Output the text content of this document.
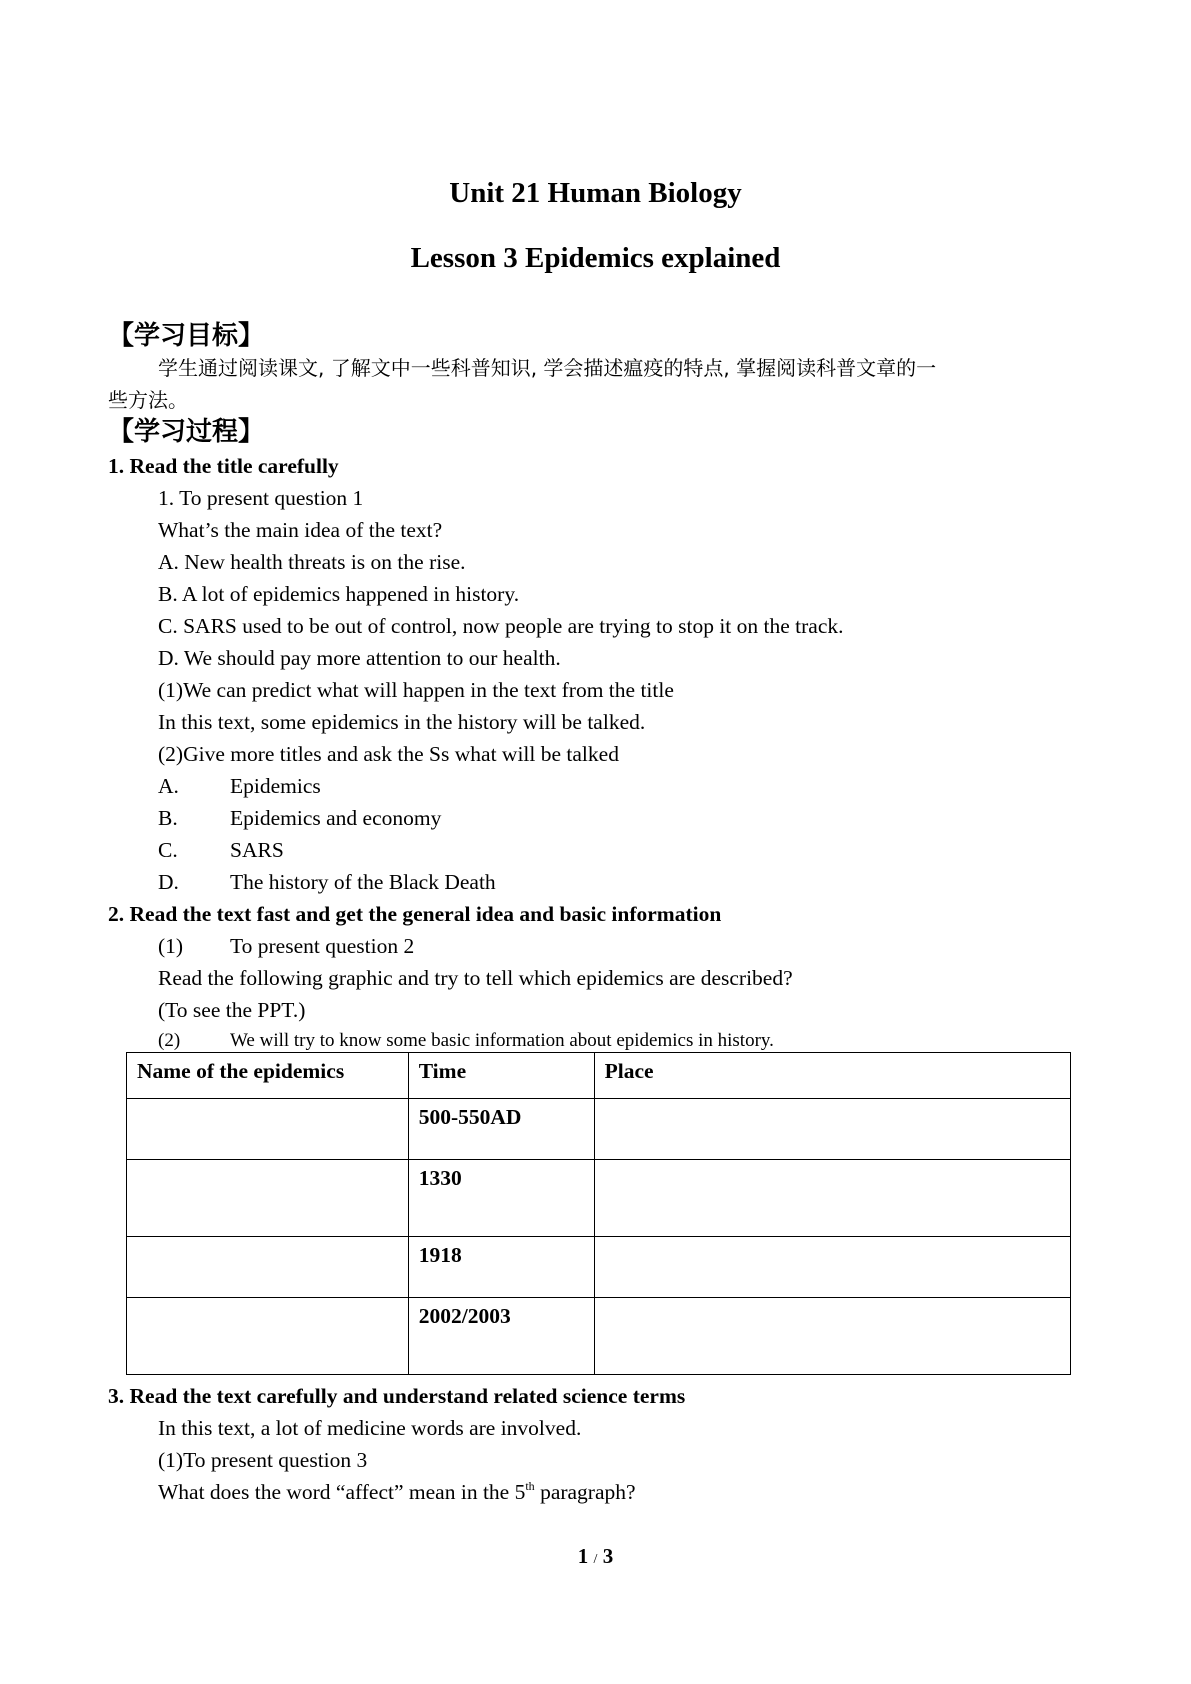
Unit 21 Human Biology
Lesson 3 Epidemics explained
【学习目标】
学生通过阅读课文, 了解文中一些科普知识, 学会描述瘟疫的特点, 掌握阅读科普文章的一
些方法。
【学习过程】
1. Read the title carefully
1. To present question 1
What’s the main idea of the text?
A. New health threats is on the rise.
B. A lot of epidemics happened in history.
C. SARS used to be out of control, now people are trying to stop it on the track.
D. We should pay more attention to our health.
(1)We can predict what will happen in the text from the title
In this text, some epidemics in the history will be talked.
(2)Give more titles and ask the Ss what will be talked
A. Epidemics
B. Epidemics and economy
C. SARS
D. The history of the Black Death
2. Read the text fast and get the general idea and basic information
(1) To present question 2
Read the following graphic and try to tell which epidemics are described?
(To see the PPT.)
(2)	We will try to know some basic information about epidemics in history.
Name of the epidemics	Time	Place
	500-550AD	
	1330	
	1918	
	2002/2003	
3. Read the text carefully and understand related science terms
In this text, a lot of medicine words are involved.
(1)To present question 3
What does the word “affect” mean in the 5th paragraph?
1 / 3
